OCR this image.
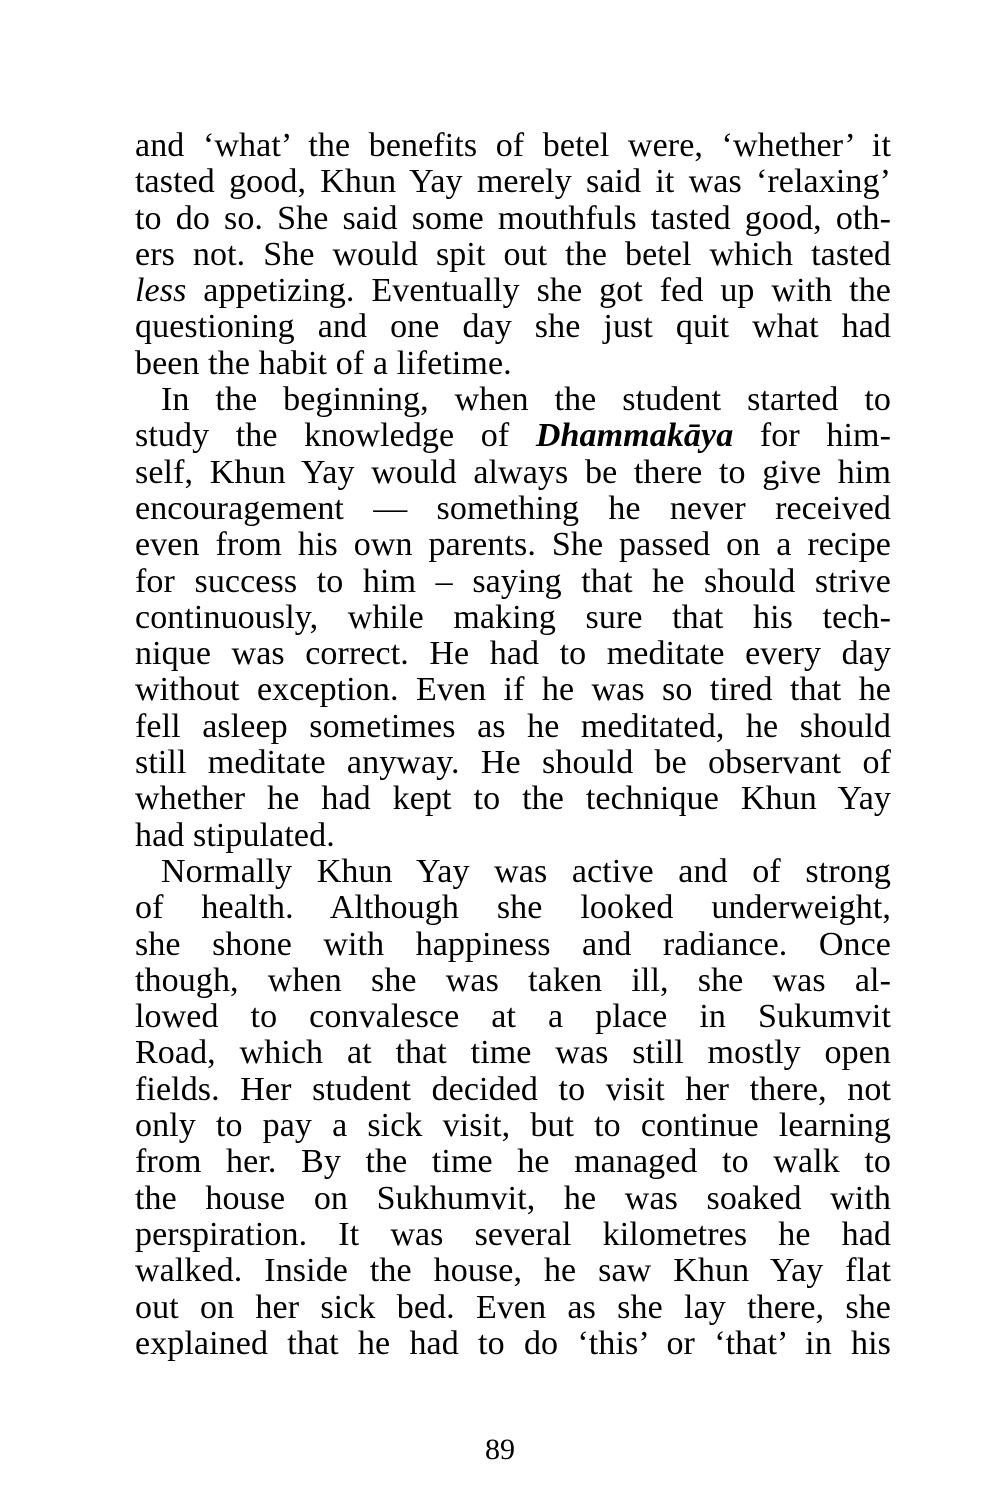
and ‘what’ the benefits of betel were, ‘whether’ it
tasted good, Khun Yay merely said it was ‘relaxing’
to do so. She said some mouthfuls tasted good, oth-
ers not. She would spit out the betel which tasted
less appetizing. Eventually she got fed up with the
questioning and one day she just quit what had
been the habit of a lifetime.
In the beginning, when the student started to
study the knowledge of Dhammakāya for him-
self, Khun Yay would always be there to give him
encouragement — something he never received
even from his own parents. She passed on a recipe
for success to him – saying that he should strive
continuously, while making sure that his tech-
nique was correct. He had to meditate every day
without exception. Even if he was so tired that he
fell asleep sometimes as he meditated, he should
still meditate anyway. He should be observant of
whether he had kept to the technique Khun Yay
had stipulated.
Normally Khun Yay was active and of strong
of health. Although she looked underweight,
she shone with happiness and radiance. Once
though, when she was taken ill, she was al-
lowed to convalesce at a place in Sukumvit
Road, which at that time was still mostly open
fields. Her student decided to visit her there, not
only to pay a sick visit, but to continue learning
from her. By the time he managed to walk to
the house on Sukhumvit, he was soaked with
perspiration. It was several kilometres he had
walked. Inside the house, he saw Khun Yay flat
out on her sick bed. Even as she lay there, she
explained that he had to do ‘this’ or ‘that’ in his
89
